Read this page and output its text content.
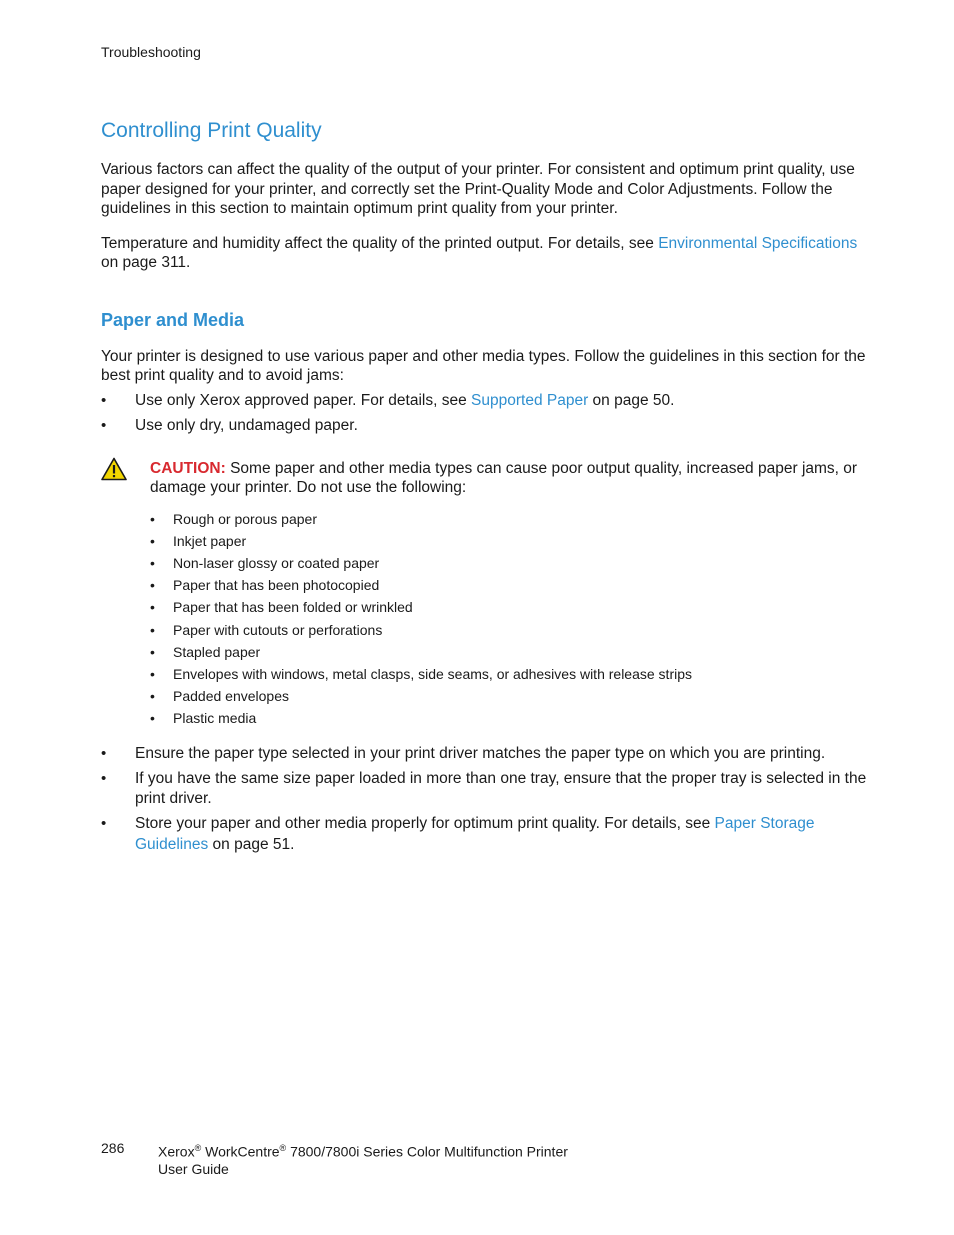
Troubleshooting
Controlling Print Quality

Various factors can affect the quality of the output of your printer. For consistent and optimum print quality, use paper designed for your printer, and correctly set the Print-Quality Mode and Color Adjustments. Follow the guidelines in this section to maintain optimum print quality from your printer.

Temperature and humidity affect the quality of the printed output. For details, see Environmental Specifications on page 311.

Paper and Media

Your printer is designed to use various paper and other media types. Follow the guidelines in this section for the best print quality and to avoid jams:

• Use only Xerox approved paper. For details, see Supported Paper on page 50.
• Use only dry, undamaged paper.

CAUTION: Some paper and other media types can cause poor output quality, increased paper jams, or damage your printer. Do not use the following:

• Rough or porous paper
• Inkjet paper
• Non-laser glossy or coated paper
• Paper that has been photocopied
• Paper that has been folded or wrinkled
• Paper with cutouts or perforations
• Stapled paper
• Envelopes with windows, metal clasps, side seams, or adhesives with release strips
• Padded envelopes
• Plastic media
• Ensure the paper type selected in your print driver matches the paper type on which you are printing.
• If you have the same size paper loaded in more than one tray, ensure that the proper tray is selected in the print driver.
• Store your paper and other media properly for optimum print quality. For details, see Paper Storage Guidelines on page 51.
286	Xerox® WorkCentre® 7800/7800i Series Color Multifunction Printer
User Guide
